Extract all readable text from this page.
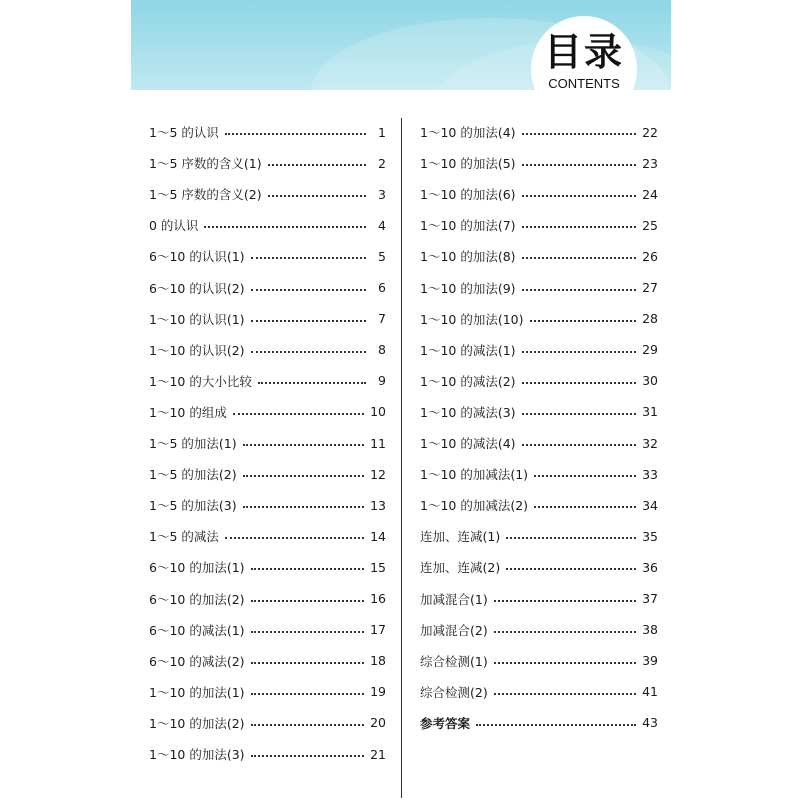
目录
CONTENTS
1～5 的认识	1
1～5 序数的含义(1)	2
1～5 序数的含义(2)	3
0 的认识	4
6～10 的认识(1)	5
6～10 的认识(2)	6
1～10 的认识(1)	7
1～10 的认识(2)	8
1～10 的大小比较	9
1～10 的组成	10
1～5 的加法(1)	11
1～5 的加法(2)	12
1～5 的加法(3)	13
1～5 的减法	14
6～10 的加法(1)	15
6～10 的加法(2)	16
6～10 的减法(1)	17
6～10 的减法(2)	18
1～10 的加法(1)	19
1～10 的加法(2)	20
1～10 的加法(3)	21
1～10 的加法(4)	22
1～10 的加法(5)	23
1～10 的加法(6)	24
1～10 的加法(7)	25
1～10 的加法(8)	26
1～10 的加法(9)	27
1～10 的加法(10)	28
1～10 的减法(1)	29
1～10 的减法(2)	30
1～10 的减法(3)	31
1～10 的减法(4)	32
1～10 的加减法(1)	33
1～10 的加减法(2)	34
连加、连减(1)	35
连加、连减(2)	36
加减混合(1)	37
加减混合(2)	38
综合检测(1)	39
综合检测(2)	41
参考答案	43
